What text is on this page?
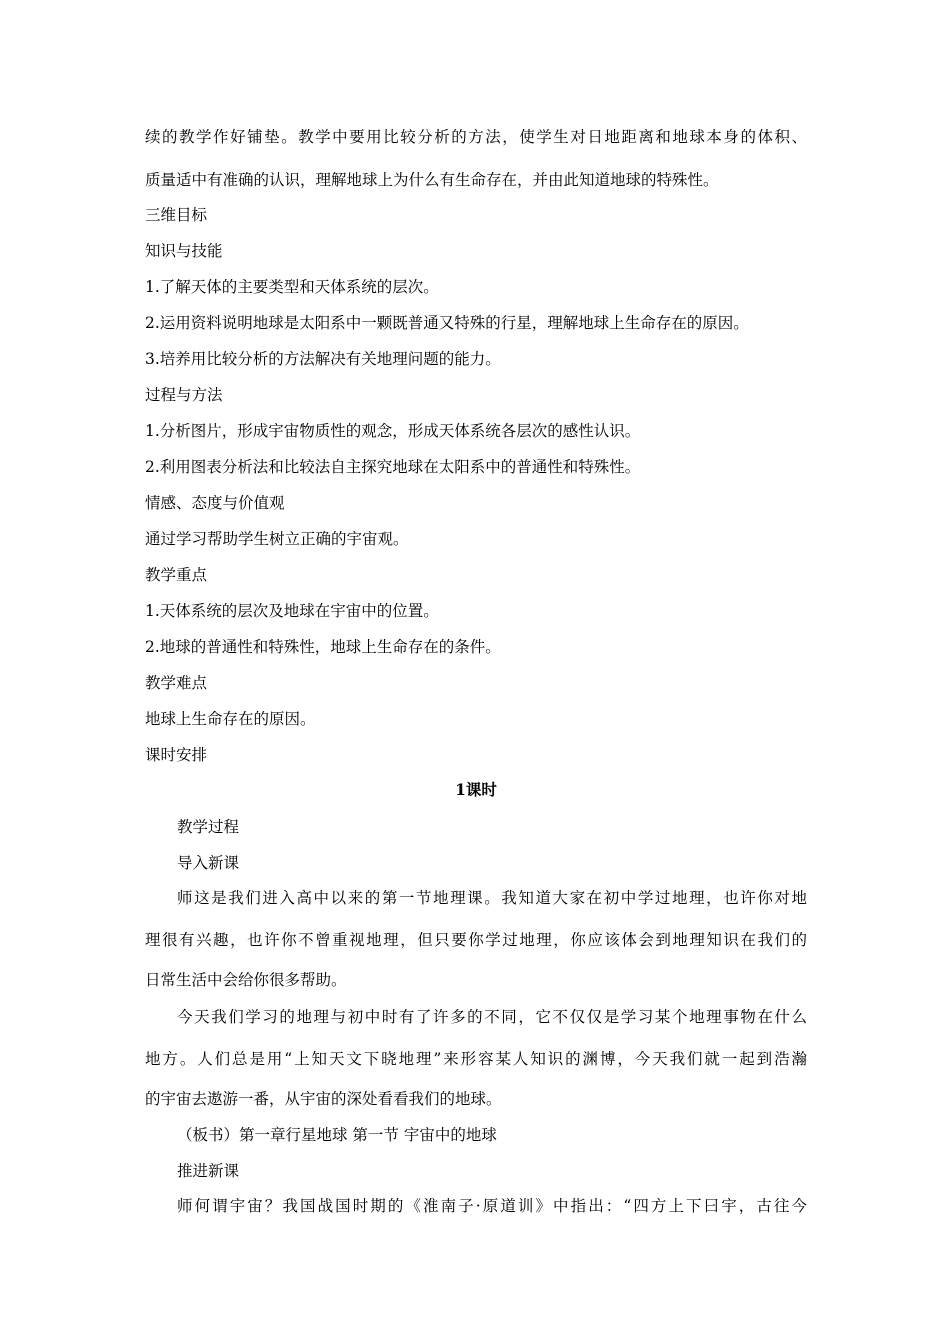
续的教学作好铺垫。教学中要用比较分析的方法，使学生对日地距离和地球本身的体积、
质量适中有准确的认识，理解地球上为什么有生命存在，并由此知道地球的特殊性。
三维目标
知识与技能
1.了解天体的主要类型和天体系统的层次。
2.运用资料说明地球是太阳系中一颗既普通又特殊的行星，理解地球上生命存在的原因。
3.培养用比较分析的方法解决有关地理问题的能力。
过程与方法
1.分析图片，形成宇宙物质性的观念，形成天体系统各层次的感性认识。
2.利用图表分析法和比较法自主探究地球在太阳系中的普通性和特殊性。
情感、态度与价值观
通过学习帮助学生树立正确的宇宙观。
教学重点
1.天体系统的层次及地球在宇宙中的位置。
2.地球的普通性和特殊性，地球上生命存在的条件。
教学难点
地球上生命存在的原因。
课时安排
1课时
教学过程
导入新课
师这是我们进入高中以来的第一节地理课。我知道大家在初中学过地理，也许你对地
理很有兴趣，也许你不曾重视地理，但只要你学过地理，你应该体会到地理知识在我们的
日常生活中会给你很多帮助。
今天我们学习的地理与初中时有了许多的不同，它不仅仅是学习某个地理事物在什么
地方。人们总是用“上知天文下晓地理”来形容某人知识的渊博，今天我们就一起到浩瀚
的宇宙去遨游一番，从宇宙的深处看看我们的地球。
（板书）第一章行星地球 第一节 宇宙中的地球
推进新课
师何谓宇宙？我国战国时期的《淮南子·原道训》中指出：“四方上下曰宇，古往今
